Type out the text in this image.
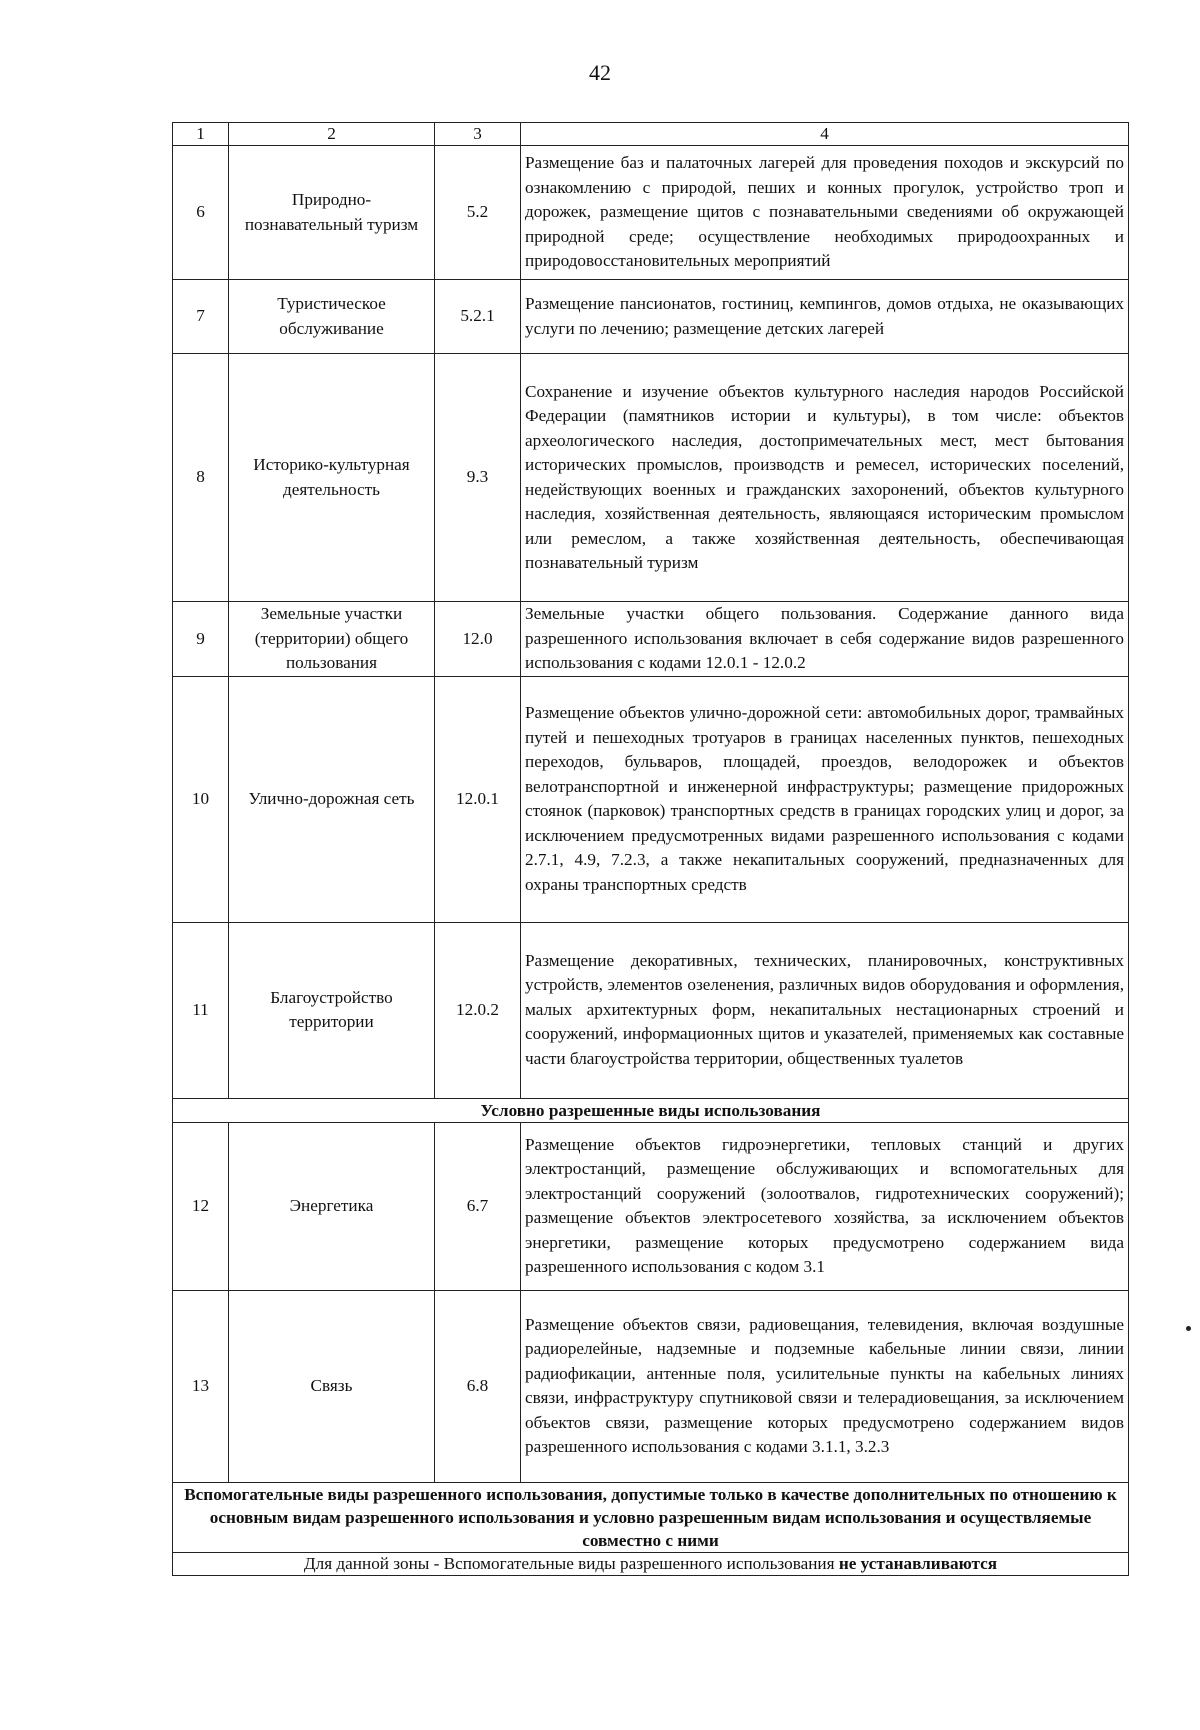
42
1	2	3	4
6	Природно-познавательный туризм	5.2	Размещение баз и палаточных лагерей для проведения походов и экскурсий по ознакомлению с природой, пеших и конных прогулок, устройство троп и дорожек, размещение щитов с познавательными сведениями об окружающей природной среде; осуществление необходимых природоохранных и природовосстановительных мероприятий
7	Туристическое обслуживание	5.2.1	Размещение пансионатов, гостиниц, кемпингов, домов отдыха, не оказывающих услуги по лечению; размещение детских лагерей
8	Историко-культурная деятельность	9.3	Сохранение и изучение объектов культурного наследия народов Российской Федерации (памятников истории и культуры), в том числе: объектов археологического наследия, достопримечательных мест, мест бытования исторических промыслов, производств и ремесел, исторических поселений, недействующих военных и гражданских захоронений, объектов культурного наследия, хозяйственная деятельность, являющаяся историческим промыслом или ремеслом, а также хозяйственная деятельность, обеспечивающая познавательный туризм
9	Земельные участки (территории) общего пользования	12.0	Земельные участки общего пользования. Содержание данного вида разрешенного использования включает в себя содержание видов разрешенного использования с кодами 12.0.1 - 12.0.2
10	Улично-дорожная сеть	12.0.1	Размещение объектов улично-дорожной сети: автомобильных дорог, трамвайных путей и пешеходных тротуаров в границах населенных пунктов, пешеходных переходов, бульваров, площадей, проездов, велодорожек и объектов велотранспортной и инженерной инфраструктуры; размещение придорожных стоянок (парковок) транспортных средств в границах городских улиц и дорог, за исключением предусмотренных видами разрешенного использования с кодами 2.7.1, 4.9, 7.2.3, а также некапитальных сооружений, предназначенных для охраны транспортных средств
11	Благоустройство территории	12.0.2	Размещение декоративных, технических, планировочных, конструктивных устройств, элементов озеленения, различных видов оборудования и оформления, малых архитектурных форм, некапитальных нестационарных строений и сооружений, информационных щитов и указателей, применяемых как составные части благоустройства территории, общественных туалетов
Условно разрешенные виды использования			
12	Энергетика	6.7	Размещение объектов гидроэнергетики, тепловых станций и других электростанций, размещение обслуживающих и вспомогательных для электростанций сооружений (золоотвалов, гидротехнических сооружений); размещение объектов электросетевого хозяйства, за исключением объектов энергетики, размещение которых предусмотрено содержанием вида разрешенного использования с кодом 3.1
13	Связь	6.8	Размещение объектов связи, радиовещания, телевидения, включая воздушные радиорелейные, надземные и подземные кабельные линии связи, линии радиофикации, антенные поля, усилительные пункты на кабельных линиях связи, инфраструктуру спутниковой связи и телерадиовещания, за исключением объектов связи, размещение которых предусмотрено содержанием видов разрешенного использования с кодами 3.1.1, 3.2.3
Вспомогательные виды разрешенного использования, допустимые только в качестве дополнительных по отношению к основным видам разрешенного использования и условно разрешенным видам использования и осуществляемые совместно с ними			
Для данной зоны - Вспомогательные виды разрешенного использования не устанавливаются			
